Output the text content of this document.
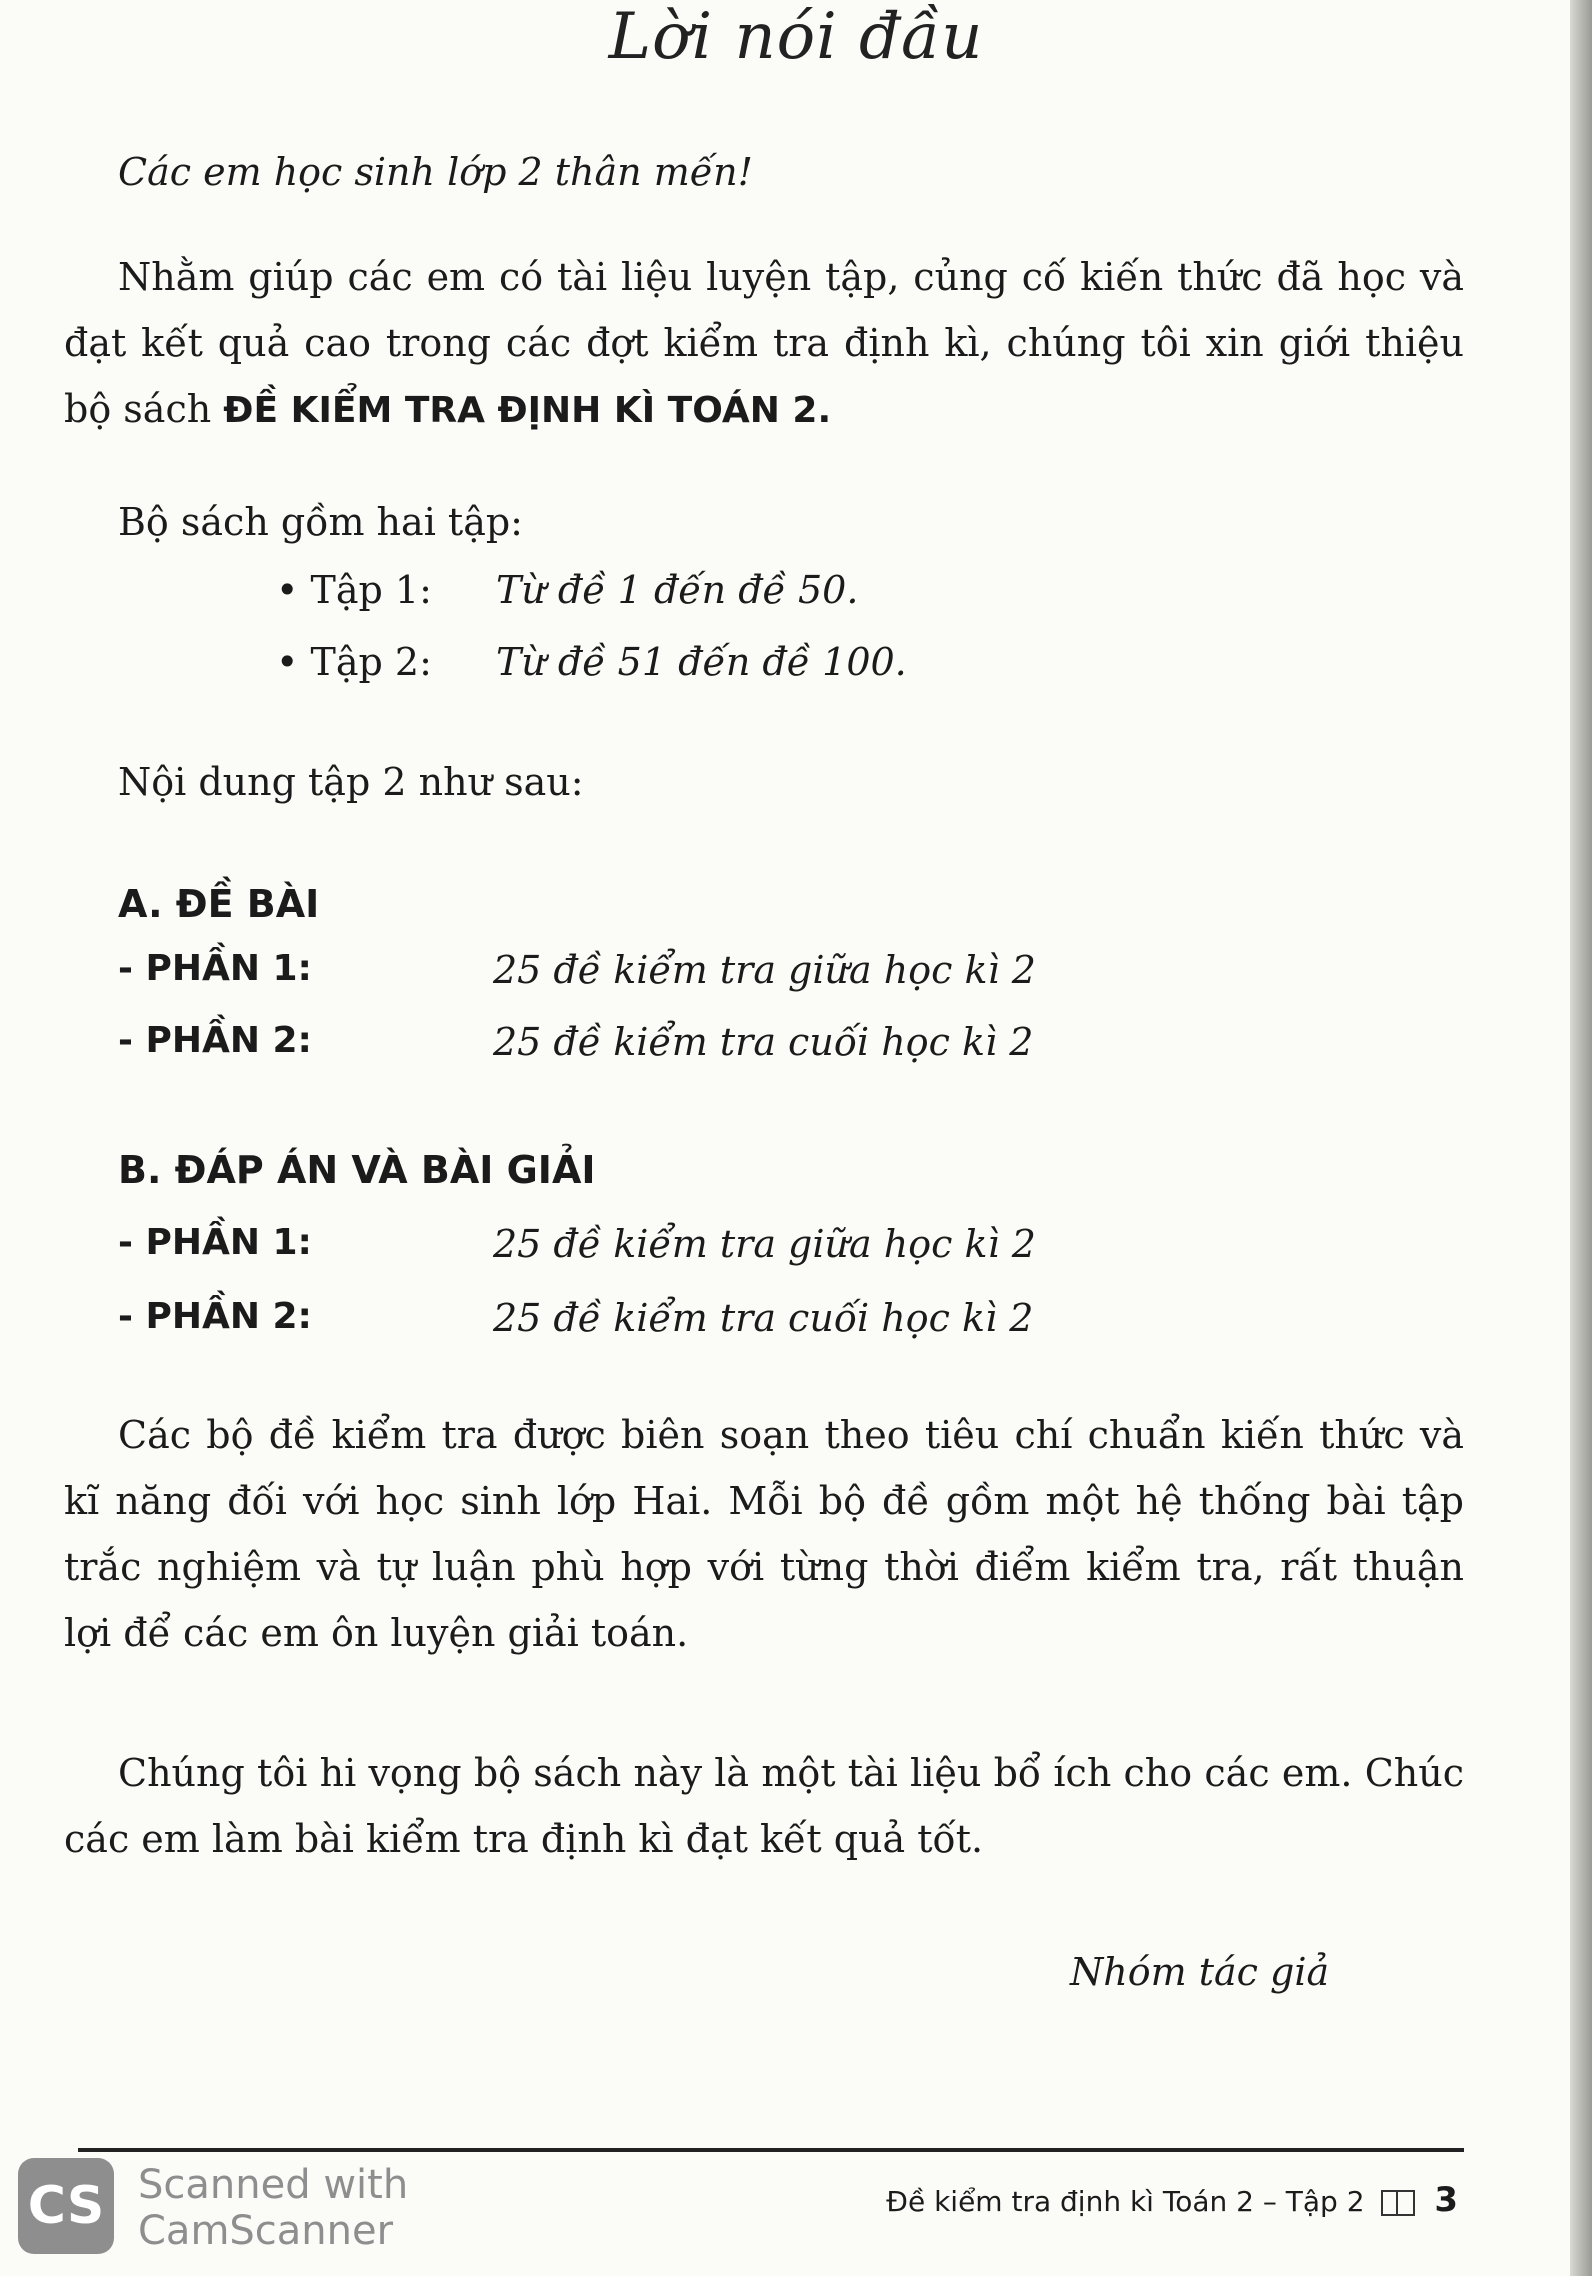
Lời nói đầu
Các em học sinh lớp 2 thân mến!
Nhằm giúp các em có tài liệu luyện tập, củng cố kiến thức đã học và đạt kết quả cao trong các đợt kiểm tra định kì, chúng tôi xin giới thiệu bộ sách ĐỀ KIỂM TRA ĐỊNH KÌ TOÁN 2.
Bộ sách gồm hai tập:
• Tập 1: Từ đề 1 đến đề 50.
• Tập 2: Từ đề 51 đến đề 100.
Nội dung tập 2 như sau:
A. ĐỀ BÀI
- PHẦN 1:	25 đề kiểm tra giữa học kì 2
- PHẦN 2:	25 đề kiểm tra cuối học kì 2
B. ĐÁP ÁN VÀ BÀI GIẢI
- PHẦN 1:	25 đề kiểm tra giữa học kì 2
- PHẦN 2:	25 đề kiểm tra cuối học kì 2
Các bộ đề kiểm tra được biên soạn theo tiêu chí chuẩn kiến thức và kĩ năng đối với học sinh lớp Hai. Mỗi bộ đề gồm một hệ thống bài tập trắc nghiệm và tự luận phù hợp với từng thời điểm kiểm tra, rất thuận lợi để các em ôn luyện giải toán.
Chúng tôi hi vọng bộ sách này là một tài liệu bổ ích cho các em. Chúc các em làm bài kiểm tra định kì đạt kết quả tốt.
Nhóm tác giả
Đề kiểm tra định kì Toán 2 – Tập 2 3
CS Scanned with
CamScanner
